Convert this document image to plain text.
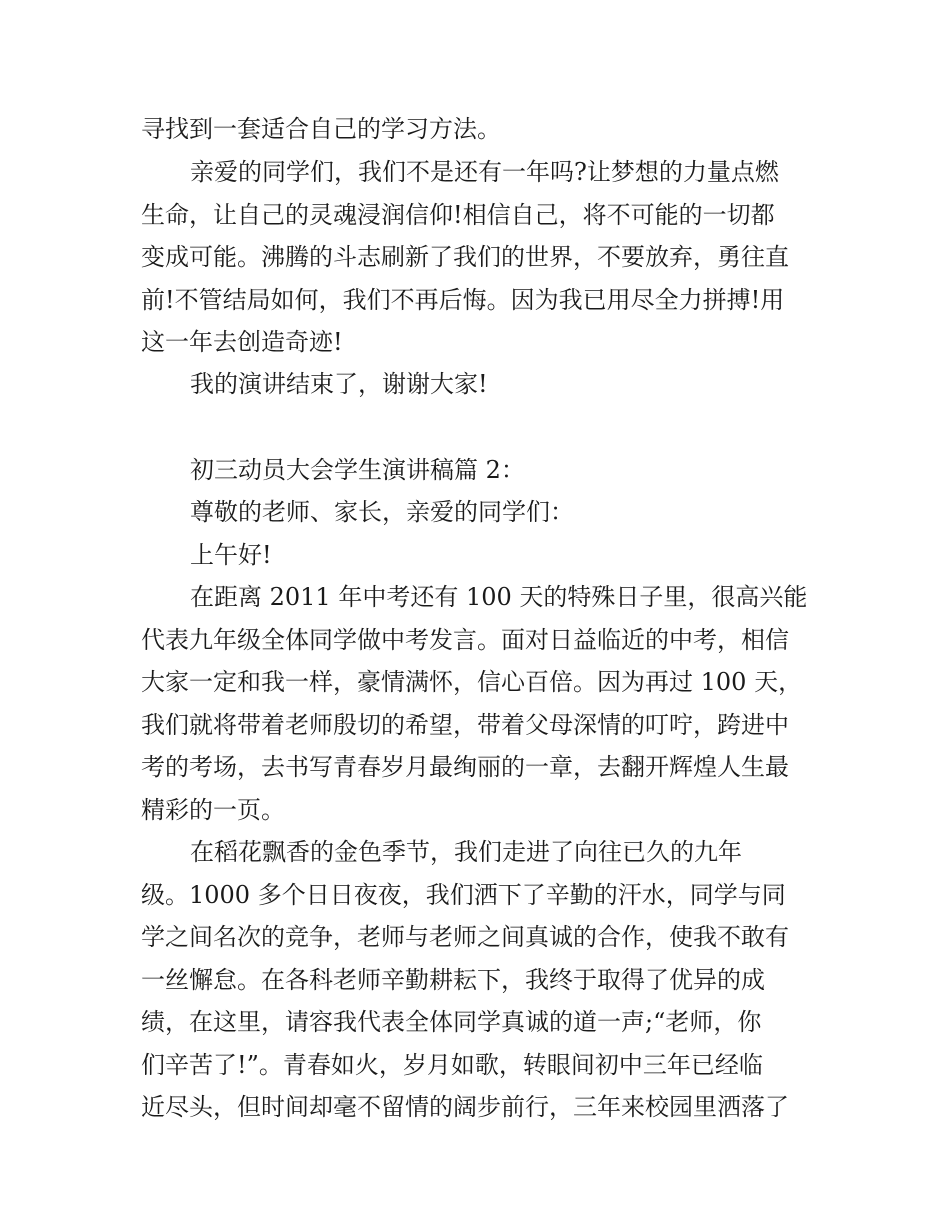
寻找到一套适合自己的学习方法。
亲爱的同学们，我们不是还有一年吗?让梦想的力量点燃
生命，让自己的灵魂浸润信仰!相信自己，将不可能的一切都
变成可能。沸腾的斗志刷新了我们的世界，不要放弃，勇往直
前!不管结局如何，我们不再后悔。因为我已用尽全力拼搏!用
这一年去创造奇迹!
我的演讲结束了，谢谢大家!
初三动员大会学生演讲稿篇 2：
尊敬的老师、家长，亲爱的同学们：
上午好!
在距离 2011 年中考还有 100 天的特殊日子里，很高兴能
代表九年级全体同学做中考发言。面对日益临近的中考，相信
大家一定和我一样，豪情满怀，信心百倍。因为再过 100 天，
我们就将带着老师殷切的希望，带着父母深情的叮咛，跨进中
考的考场，去书写青春岁月最绚丽的一章，去翻开辉煌人生最
精彩的一页。
在稻花飘香的金色季节，我们走进了向往已久的九年
级。1000 多个日日夜夜，我们洒下了辛勤的汗水，同学与同
学之间名次的竞争，老师与老师之间真诚的合作，使我不敢有
一丝懈怠。在各科老师辛勤耕耘下，我终于取得了优异的成
绩，在这里，请容我代表全体同学真诚的道一声;“老师，你
们辛苦了!”。青春如火，岁月如歌，转眼间初中三年已经临
近尽头，但时间却毫不留情的阔步前行，三年来校园里洒落了
